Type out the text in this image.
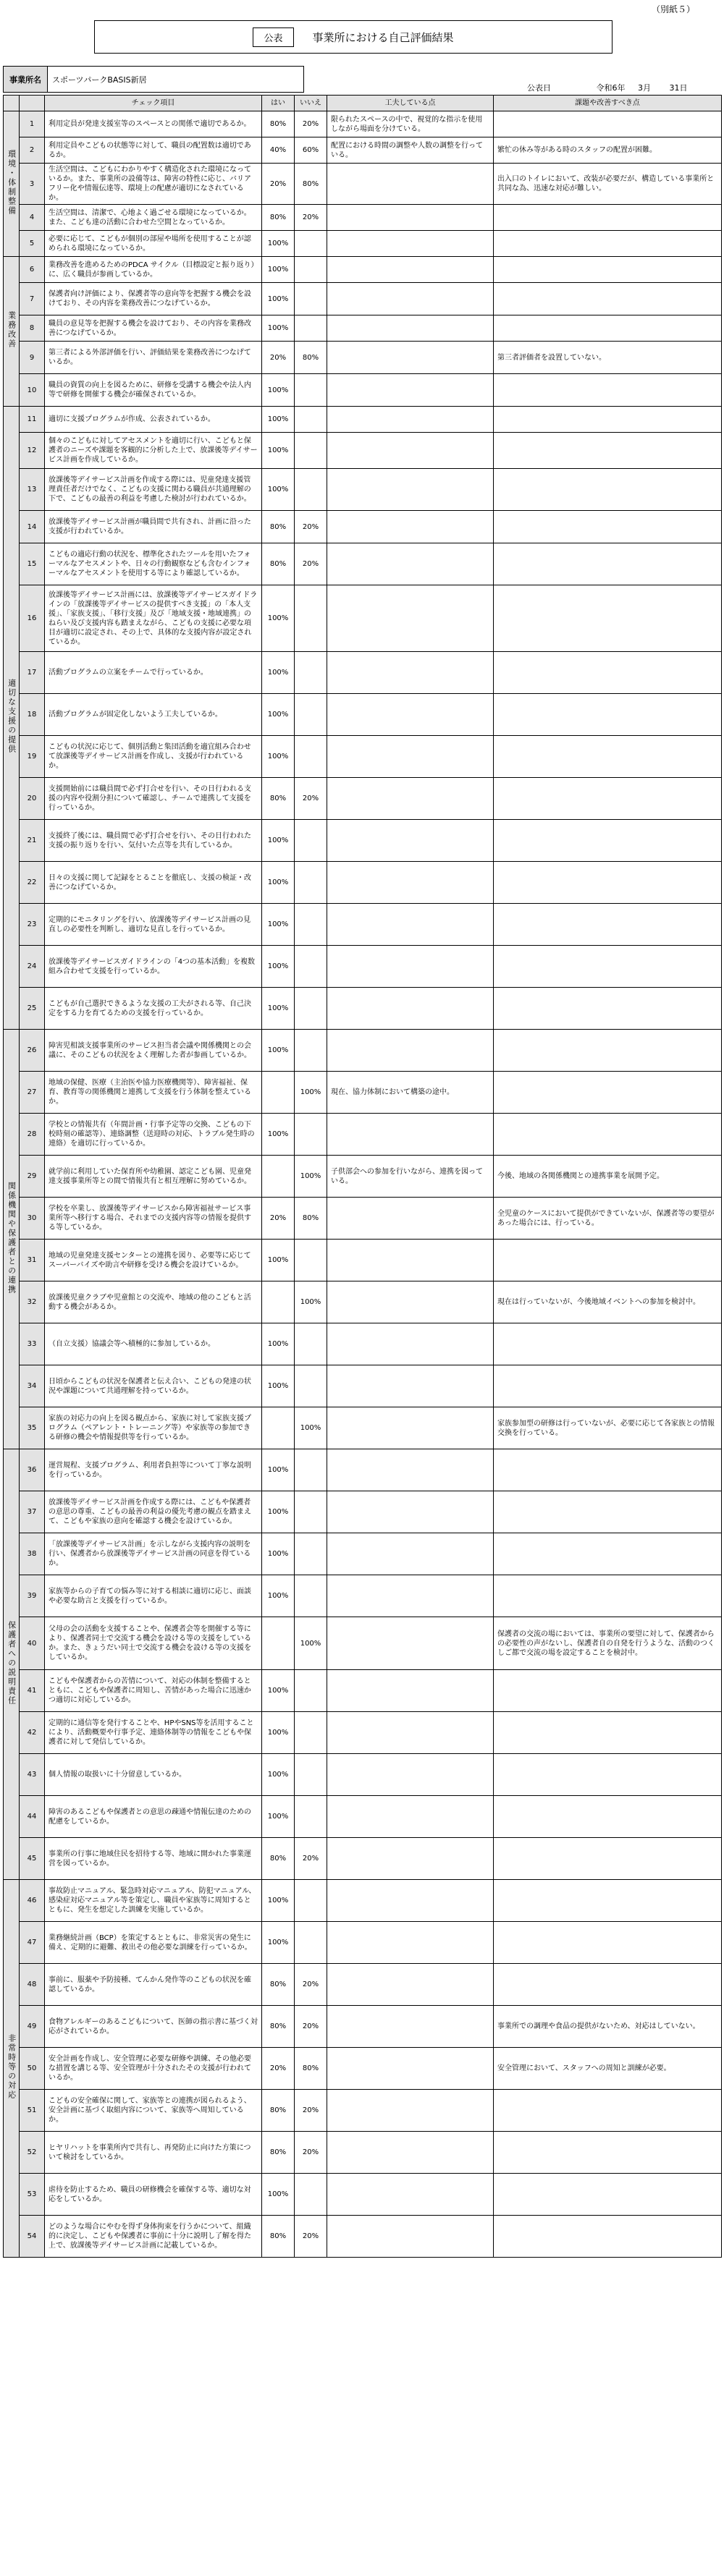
（別紙５）
公表	事業所における自己評価結果
事業所名	スポーツパークBASIS新居
公表日	令和6年 3月 31日
		チェック項目	はい	いいえ	工夫している点	課題や改善すべき点
環境・体制整備	1	利用定員が発達支援室等のスペースとの関係で適切であるか。	80%	20%	限られたスペースの中で、視覚的な指示を使用しながら場面を分けている。	
	2	利用定員やこどもの状態等に対して、職員の配置数は適切であるか。	40%	60%	配置における時間の調整や人数の調整を行っている。	繁忙の休み等がある時のスタッフの配置が困難。
	3	生活空間は、こどもにわかりやすく構造化された環境になっているか。また、事業所の設備等は、障害の特性に応じ、バリアフリー化や情報伝達等、環境上の配慮が適切になされているか。	20%	80%		出入口のトイレにおいて、改装が必要だが、構造している事業所と共同な為、迅速な対応が難しい。
	4	生活空間は、清潔で、心地よく過ごせる環境になっているか。また、こども達の活動に合わせた空間となっているか。	80%	20%		
	5	必要に応じて、こどもが個別の部屋や場所を使用することが認められる環境になっているか。	100%			
業務改善	6	業務改善を進めるためのPDCA サイクル（目標設定と振り返り）に、広く職員が参画しているか。	100%			
	7	保護者向け評価により、保護者等の意向等を把握する機会を設けており、その内容を業務改善につなげているか。	100%			
	8	職員の意見等を把握する機会を設けており、その内容を業務改善につなげているか。	100%			
	9	第三者による外部評価を行い、評価結果を業務改善につなげているか。	20%	80%		第三者評価者を設置していない。
	10	職員の資質の向上を図るために、研修を受講する機会や法人内等で研修を開催する機会が確保されているか。	100%			
適切な支援の提供	11	適切に支援プログラムが作成、公表されているか。	100%			
	12	個々のこどもに対してアセスメントを適切に行い、こどもと保護者のニーズや課題を客観的に分析した上で、放課後等デイサービス計画を作成しているか。	100%			
	13	放課後等デイサービス計画を作成する際には、児童発達支援管理責任者だけでなく、こどもの支援に関わる職員が共通理解の下で、こどもの最善の利益を考慮した検討が行われているか。	100%			
	14	放課後等デイサービス計画が職員間で共有され、計画に沿った支援が行われているか。	80%	20%		
	15	こどもの適応行動の状況を、標準化されたツールを用いたフォーマルなアセスメントや、日々の行動観察なども含むインフォーマルなアセスメントを使用する等により確認しているか。	80%	20%		
	16	放課後等デイサービス計画には、放課後等デイサービスガイドラインの「放課後等デイサービスの提供すべき支援」の「本人支援」、「家族支援」、「移行支援」及び「地域支援・地域連携」のねらい及び支援内容も踏まえながら、こどもの支援に必要な項目が適切に設定され、その上で、具体的な支援内容が設定されているか。	100%			
	17	活動プログラムの立案をチームで行っているか。	100%			
	18	活動プログラムが固定化しないよう工夫しているか。	100%			
	19	こどもの状況に応じて、個別活動と集団活動を適宜組み合わせて放課後等デイサービス計画を作成し、支援が行われているか。	100%			
	20	支援開始前には職員間で必ず打合せを行い、その日行われる支援の内容や役割分担について確認し、チームで連携して支援を行っているか。	80%	20%		
	21	支援終了後には、職員間で必ず打合せを行い、その日行われた支援の振り返りを行い、気付いた点等を共有しているか。	100%			
	22	日々の支援に関して記録をとることを徹底し、支援の検証・改善につなげているか。	100%			
	23	定期的にモニタリングを行い、放課後等デイサービス計画の見直しの必要性を判断し、適切な見直しを行っているか。	100%			
	24	放課後等デイサービスガイドラインの「4つの基本活動」を複数組み合わせて支援を行っているか。	100%			
	25	こどもが自己選択できるような支援の工夫がされる等、自己決定をする力を育てるための支援を行っているか。	100%			
関係機関や保護者との連携	26	障害児相談支援事業所のサービス担当者会議や関係機関との会議に、そのこどもの状況をよく理解した者が参画しているか。	100%			
	27	地域の保健、医療（主治医や協力医療機関等）、障害福祉、保育、教育等の関係機関と連携して支援を行う体制を整えているか。		100%	現在、協力体制において構築の途中。	
	28	学校との情報共有（年間計画・行事予定等の交換、こどもの下校時刻の確認等）、連絡調整（送迎時の対応、トラブル発生時の連絡）を適切に行っているか。	100%			
	29	就学前に利用していた保育所や幼稚園、認定こども園、児童発達支援事業所等との間で情報共有と相互理解に努めているか。		100%	子供部会への参加を行いながら、連携を図っている。	今後、地域の各関係機関との連携事業を展開予定。
	30	学校を卒業し、放課後等デイサービスから障害福祉サービス事業所等へ移行する場合、それまでの支援内容等の情報を提供する等しているか。	20%	80%		全児童のケースにおいて提供ができていないが、保護者等の要望があった場合には、行っている。
	31	地域の児童発達支援センターとの連携を図り、必要等に応じてスーパーバイズや助言や研修を受ける機会を設けているか。	100%			
	32	放課後児童クラブや児童館との交流や、地域の他のこどもと活動する機会があるか。		100%		現在は行っていないが、今後地域イベントへの参加を検討中。
	33	（自立支援）協議会等へ積極的に参加しているか。	100%			
	34	日頃からこどもの状況を保護者と伝え合い、こどもの発達の状況や課題について共通理解を持っているか。	100%			
	35	家族の対応力の向上を図る観点から、家族に対して家族支援プログラム（ペアレント・トレーニング等）や家族等の参加できる研修の機会や情報提供等を行っているか。		100%		家族参加型の研修は行っていないが、必要に応じて各家族との情報交換を行っている。
保護者への説明責任	36	運営規程、支援プログラム、利用者負担等について丁寧な説明を行っているか。	100%			
	37	放課後等デイサービス計画を作成する際には、こどもや保護者の意思の尊重、こどもの最善の利益の優先考慮の観点を踏まえて、こどもや家族の意向を確認する機会を設けているか。	100%			
	38	「放課後等デイサービス計画」を示しながら支援内容の説明を行い、保護者から放課後等デイサービス計画の同意を得ているか。	100%			
	39	家族等からの子育ての悩み等に対する相談に適切に応じ、面談や必要な助言と支援を行っているか。	100%			
	40	父母の会の活動を支援することや、保護者会等を開催する等により、保護者同士で交流する機会を設ける等の支援をしているか。また、きょうだい同士で交流する機会を設ける等の支援をしているか。		100%		保護者の交流の場においては、事業所の要望に対して、保護者からの必要性の声がないし、保護者自の自発を行うような、活動のつくしご都で交流の場を設定することを検討中。
	41	こどもや保護者からの苦情について、対応の体制を整備するとともに、こどもや保護者に周知し、苦情があった場合に迅速かつ適切に対応しているか。	100%			
	42	定期的に通信等を発行することや、HPやSNS等を活用することにより、活動概要や行事予定、連絡体制等の情報をこどもや保護者に対して発信しているか。	100%			
	43	個人情報の取扱いに十分留意しているか。	100%			
	44	障害のあるこどもや保護者との意思の疎通や情報伝達のための配慮をしているか。	100%			
	45	事業所の行事に地域住民を招待する等、地域に開かれた事業運営を図っているか。	80%	20%		
非常時等の対応	46	事故防止マニュアル、緊急時対応マニュアル、防犯マニュアル、感染症対応マニュアル等を策定し、職員や家族等に周知するとともに、発生を想定した訓練を実施しているか。	100%			
	47	業務継続計画（BCP）を策定するとともに、非常災害の発生に備え、定期的に避難、救出その他必要な訓練を行っているか。	100%			
	48	事前に、服薬や予防接種、てんかん発作等のこどもの状況を確認しているか。	80%	20%		
	49	食物アレルギーのあるこどもについて、医師の指示書に基づく対応がされているか。	80%	20%		事業所での調理や食品の提供がないため、対応はしていない。
	50	安全計画を作成し、安全管理に必要な研修や訓練、その他必要な措置を講じる等、安全管理が十分されたその支援が行われているか。	20%	80%		安全管理において、スタッフへの周知と訓練が必要。
	51	こどもの安全確保に関して、家族等との連携が図られるよう、安全計画に基づく取組内容について、家族等へ周知しているか。	80%	20%		
	52	ヒヤリハットを事業所内で共有し、再発防止に向けた方策について検討をしているか。	80%	20%		
	53	虐待を防止するため、職員の研修機会を確保する等、適切な対応をしているか。	100%			
	54	どのような場合にやむを得ず身体拘束を行うかについて、組織的に決定し、こどもや保護者に事前に十分に説明し了解を得た上で、放課後等デイサービス計画に記載しているか。	80%	20%		
